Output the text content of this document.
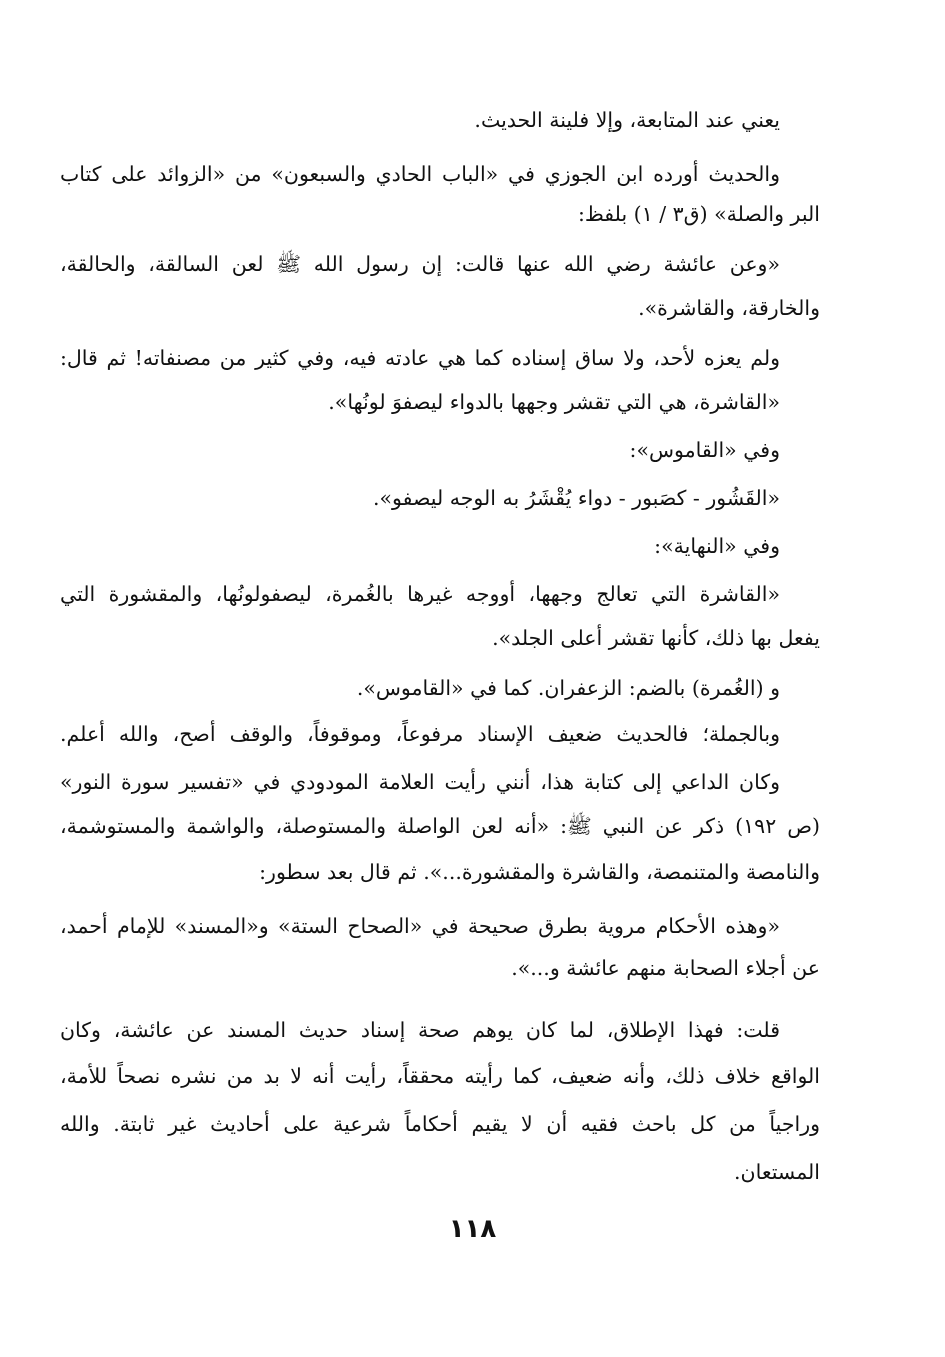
يعني عند المتابعة، وإلا فلينة الحديث.
والحديث أورده ابن الجوزي في «الباب الحادي والسبعون» من «الزوائد على كتاب
البر والصلة» (ق٣ / ١) بلفظ:
«وعن عائشة رضي الله عنها قالت: إن رسول الله ﷺ لعن السالقة، والحالقة،
والخارقة، والقاشرة».
ولم يعزه لأحد، ولا ساق إسناده كما هي عادته فيه، وفي كثير من مصنفاته! ثم قال:
«القاشرة، هي التي تقشر وجهها بالدواء ليصفوَ لونُها».
وفي «القاموس»:
«القَشُور - كصَبور - دواء يُقْشَرُ به الوجه ليصفو».
وفي «النهاية»:
«القاشرة التي تعالج وجهها، أووجه غيرها بالغُمرة، ليصفولونُها، والمقشورة التي
يفعل بها ذلك، كأنها تقشر أعلى الجلد».
و (الغُمرة) بالضم: الزعفران. كما في «القاموس».
وبالجملة؛ فالحديث ضعيف الإسناد مرفوعاً، وموقوفاً، والوقف أصح، والله أعلم.
وكان الداعي إلى كتابة هذا، أنني رأيت العلامة المودودي في «تفسير سورة النور»
(ص ١٩٢) ذكر عن النبي ﷺ: «أنه لعن الواصلة والمستوصلة، والواشمة والمستوشمة،
والنامصة والمتنمصة، والقاشرة والمقشورة...». ثم قال بعد سطور:
«وهذه الأحكام مروية بطرق صحيحة في «الصحاح الستة» و«المسند» للإمام أحمد،
عن أجلاء الصحابة منهم عائشة و...».
قلت: فهذا الإطلاق، لما كان يوهم صحة إسناد حديث المسند عن عائشة، وكان
الواقع خلاف ذلك، وأنه ضعيف، كما رأيته محققاً، رأيت أنه لا بد من نشره نصحاً للأمة،
وراجياً من كل باحث فقيه أن لا يقيم أحكاماً شرعية على أحاديث غير ثابتة. والله
المستعان.
١١٨
